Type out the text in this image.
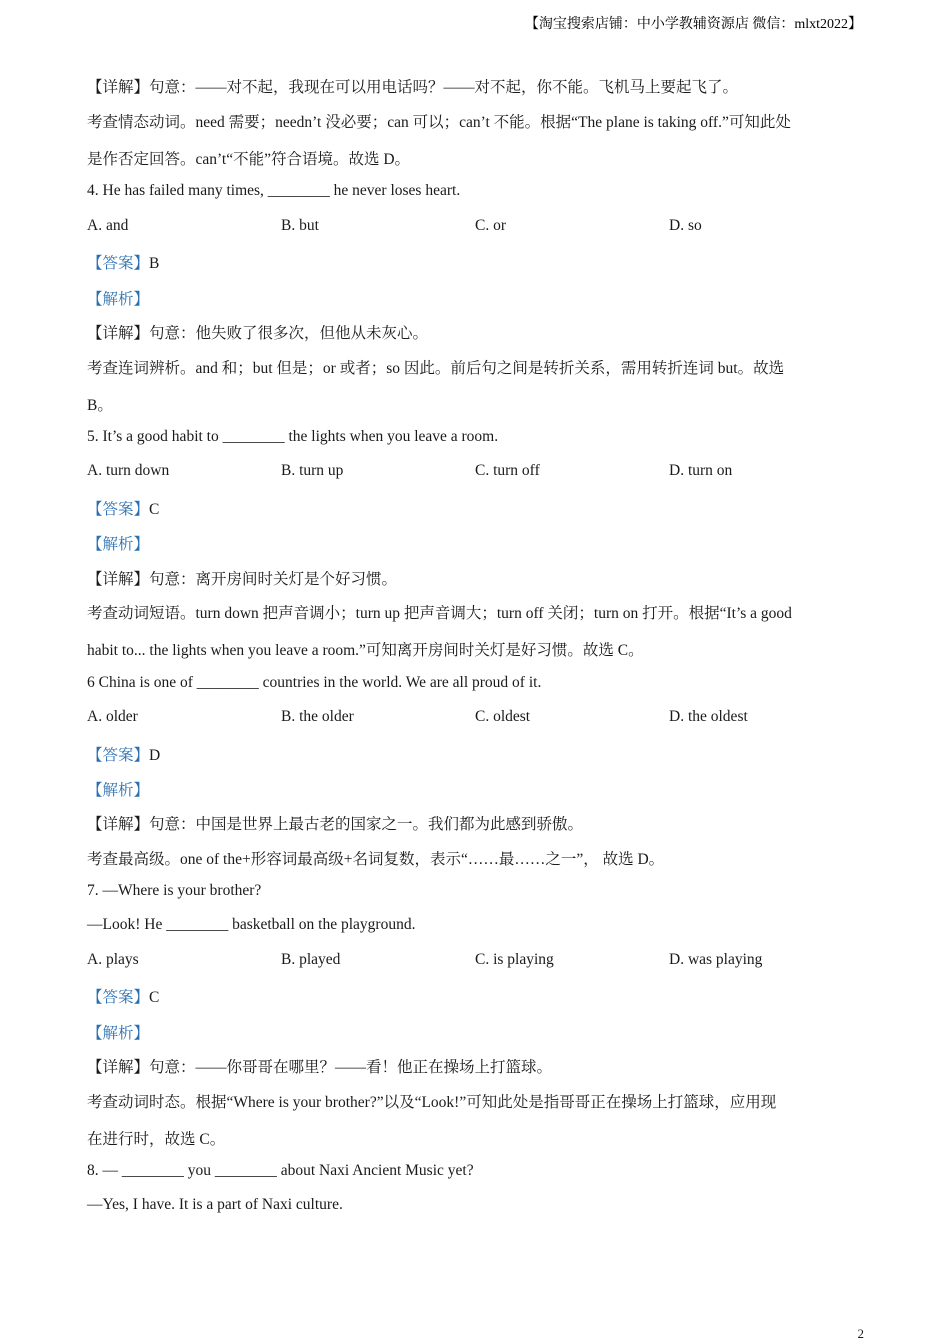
【淘宝搜索店铺：中小学教辅资源店 微信：mlxt2022】
【详解】句意：——对不起，我现在可以用电话吗？——对不起，你不能。飞机马上要起飞了。
考查情态动词。need 需要；needn’t 没必要；can 可以；can’t 不能。根据“The plane is taking off.”可知此处
是作否定回答。can’t“不能”符合语境。故选 D。
4. He has failed many times, ________ he never loses heart.
A. and	B. but	C. or	D. so
【答案】B
【解析】
【详解】句意：他失败了很多次，但他从未灰心。
考查连词辨析。and 和；but 但是；or 或者；so 因此。前后句之间是转折关系，需用转折连词 but。故选
B。
5. It’s a good habit to ________ the lights when you leave a room.
A. turn down	B. turn up	C. turn off	D. turn on
【答案】C
【解析】
【详解】句意：离开房间时关灯是个好习惯。
考查动词短语。turn down 把声音调小；turn up 把声音调大；turn off 关闭；turn on 打开。根据“It’s a good
habit to... the lights when you leave a room.”可知离开房间时关灯是好习惯。故选 C。
6 China is one of ________ countries in the world. We are all proud of it.
A. older	B. the older	C. oldest	D. the oldest
【答案】D
【解析】
【详解】句意：中国是世界上最古老的国家之一。我们都为此感到骄傲。
考查最高级。one of the+形容词最高级+名词复数，表示“……最……之一”， 故选 D。
7. —Where is your brother?
—Look! He ________ basketball on the playground.
A. plays	B. played	C. is playing	D. was playing
【答案】C
【解析】
【详解】句意：——你哥哥在哪里？——看！他正在操场上打篮球。
考查动词时态。根据“Where is your brother?”以及“Look!”可知此处是指哥哥正在操场上打篮球，应用现
在进行时，故选 C。
8. — ________ you ________ about Naxi Ancient Music yet?
—Yes, I have. It is a part of Naxi culture.
2
